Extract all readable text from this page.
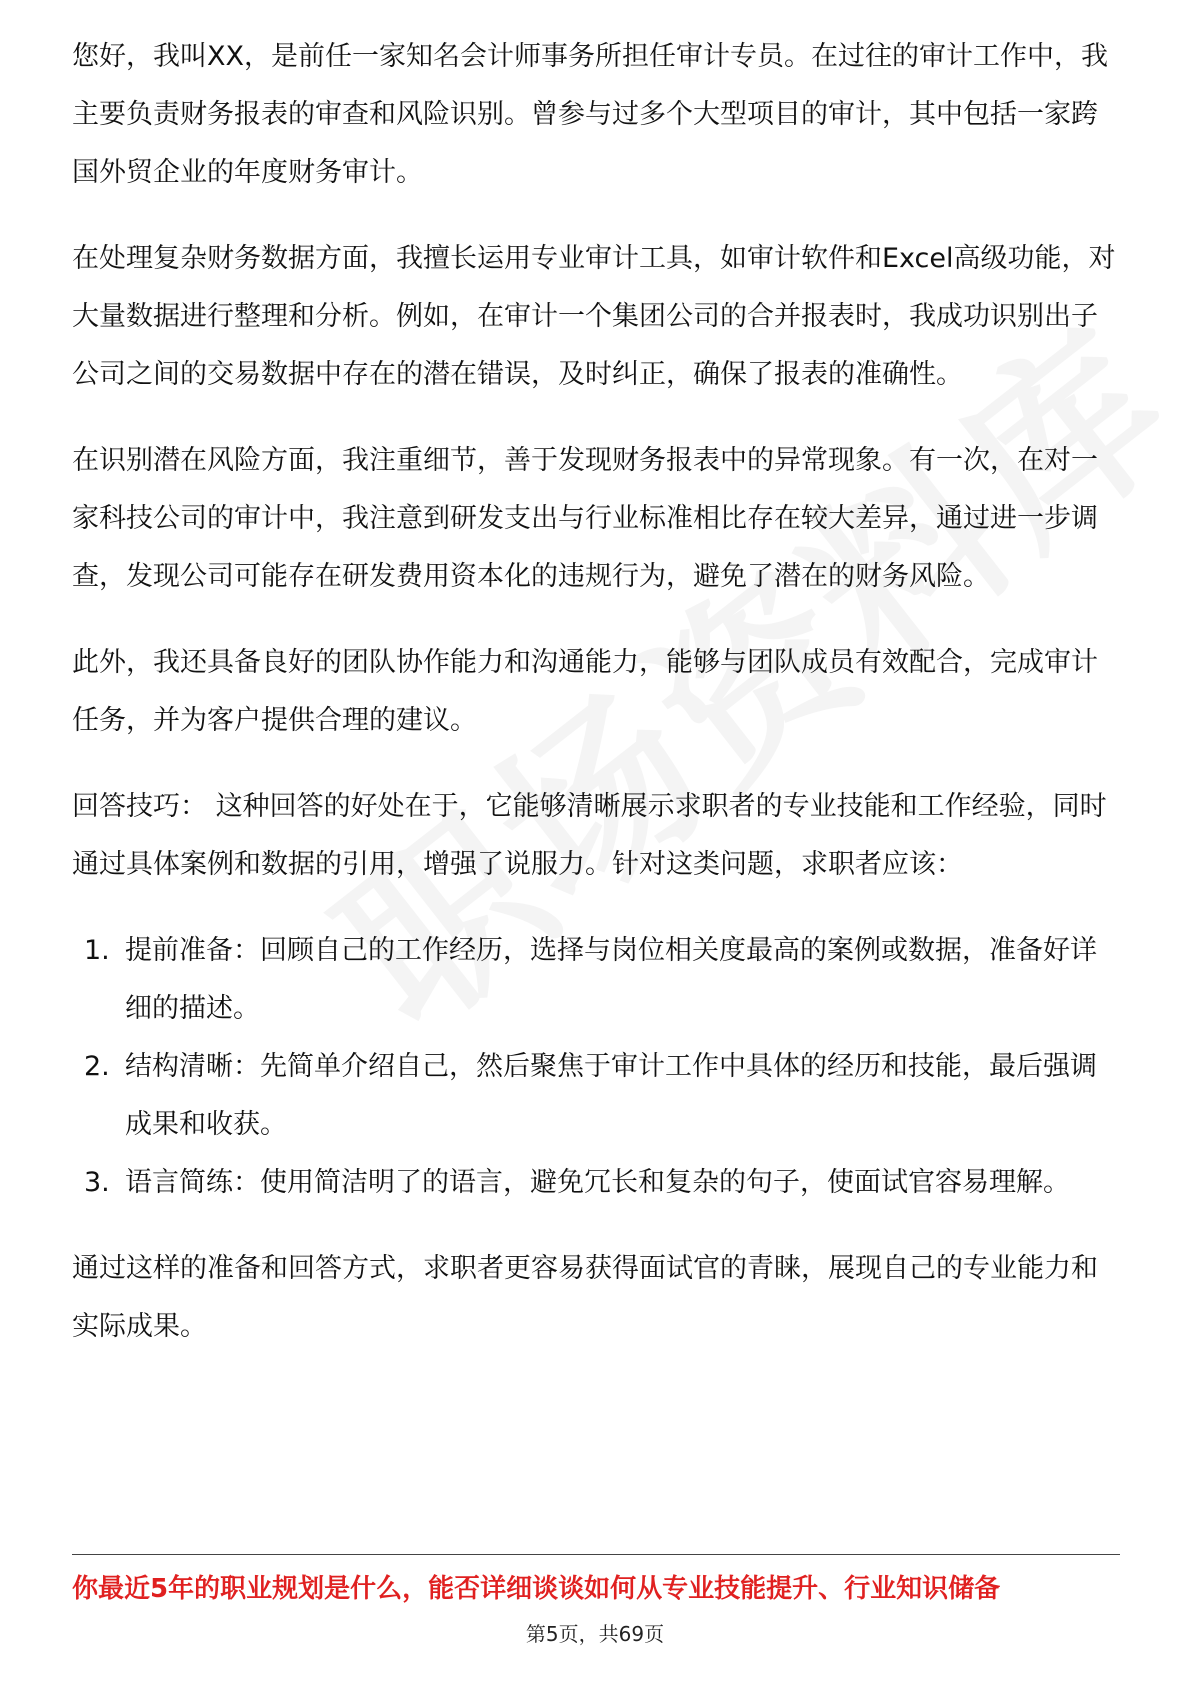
您好，我叫XX，是前任一家知名会计师事务所担任审计专员。在过往的审计工作中，我主要负责财务报表的审查和风险识别。曾参与过多个大型项目的审计，其中包括一家跨国外贸企业的年度财务审计。

在处理复杂财务数据方面，我擅长运用专业审计工具，如审计软件和Excel高级功能，对大量数据进行整理和分析。例如，在审计一个集团公司的合并报表时，我成功识别出子公司之间的交易数据中存在的潜在错误，及时纠正，确保了报表的准确性。

在识别潜在风险方面，我注重细节，善于发现财务报表中的异常现象。有一次，在对一家科技公司的审计中，我注意到研发支出与行业标准相比存在较大差异，通过进一步调查，发现公司可能存在研发费用资本化的违规行为，避免了潜在的财务风险。

此外，我还具备良好的团队协作能力和沟通能力，能够与团队成员有效配合，完成审计任务，并为客户提供合理的建议。

回答技巧： 这种回答的好处在于，它能够清晰展示求职者的专业技能和工作经验，同时通过具体案例和数据的引用，增强了说服力。针对这类问题，求职者应该：

1. 提前准备：回顾自己的工作经历，选择与岗位相关度最高的案例或数据，准备好详细的描述。
2. 结构清晰：先简单介绍自己，然后聚焦于审计工作中具体的经历和技能，最后强调成果和收获。
3. 语言简练：使用简洁明了的语言，避免冗长和复杂的句子，使面试官容易理解。

通过这样的准备和回答方式，求职者更容易获得面试官的青睐，展现自己的专业能力和实际成果。

你最近5年的职业规划是什么，能否详细谈谈如何从专业技能提升、行业知识储备
第5页，共69页
